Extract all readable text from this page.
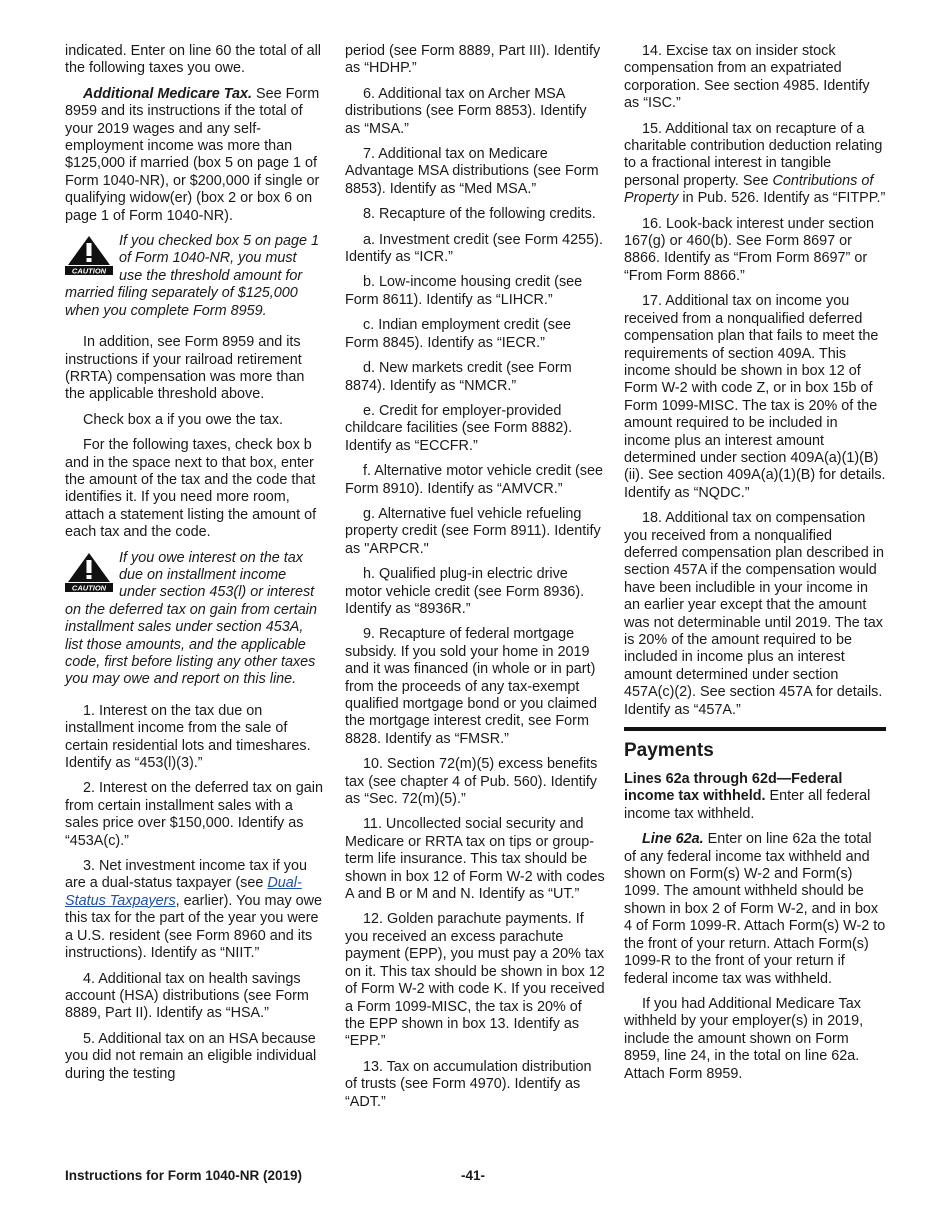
indicated. Enter on line 60 the total of all the following taxes you owe.

Additional Medicare Tax. See Form 8959 and its instructions if the total of your 2019 wages and any self-employment income was more than $125,000 if married (box 5 on page 1 of Form 1040-NR), or $200,000 if single or qualifying widow(er) (box 2 or box 6 on page 1 of Form 1040-NR).

CAUTION
If you checked box 5 on page 1 of Form 1040-NR, you must use the threshold amount for married filing separately of $125,000 when you complete Form 8959.

In addition, see Form 8959 and its instructions if your railroad retirement (RRTA) compensation was more than the applicable threshold above.

Check box a if you owe the tax.

For the following taxes, check box b and in the space next to that box, enter the amount of the tax and the code that identifies it. If you need more room, attach a statement listing the amount of each tax and the code.

CAUTION
If you owe interest on the tax due on installment income under section 453(l) or interest on the deferred tax on gain from certain installment sales under section 453A, list those amounts, and the applicable code, first before listing any other taxes you may owe and report on this line.

1. Interest on the tax due on installment income from the sale of certain residential lots and timeshares. Identify as “453(l)(3).”

2. Interest on the deferred tax on gain from certain installment sales with a sales price over $150,000. Identify as “453A(c).”

3. Net investment income tax if you are a dual-status taxpayer (see Dual-Status Taxpayers, earlier). You may owe this tax for the part of the year you were a U.S. resident (see Form 8960 and its instructions). Identify as “NIIT.”

4. Additional tax on health savings account (HSA) distributions (see Form 8889, Part II). Identify as “HSA.”

5. Additional tax on an HSA because you did not remain an eligible individual during the testing

period (see Form 8889, Part III). Identify as “HDHP.”

6. Additional tax on Archer MSA distributions (see Form 8853). Identify as “MSA.”

7. Additional tax on Medicare Advantage MSA distributions (see Form 8853). Identify as “Med MSA.”

8. Recapture of the following credits.

a. Investment credit (see Form 4255). Identify as “ICR.”

b. Low-income housing credit (see Form 8611). Identify as “LIHCR.”

c. Indian employment credit (see Form 8845). Identify as “IECR.”

d. New markets credit (see Form 8874). Identify as “NMCR.”

e. Credit for employer-provided childcare facilities (see Form 8882). Identify as “ECCFR.”

f. Alternative motor vehicle credit (see Form 8910). Identify as “AMVCR.”

g. Alternative fuel vehicle refueling property credit (see Form 8911). Identify as "ARPCR."

h. Qualified plug-in electric drive motor vehicle credit (see Form 8936). Identify as “8936R.”

9. Recapture of federal mortgage subsidy. If you sold your home in 2019 and it was financed (in whole or in part) from the proceeds of any tax-exempt qualified mortgage bond or you claimed the mortgage interest credit, see Form 8828. Identify as “FMSR.”

10. Section 72(m)(5) excess benefits tax (see chapter 4 of Pub. 560). Identify as “Sec. 72(m)(5).”

11. Uncollected social security and Medicare or RRTA tax on tips or group-term life insurance. This tax should be shown in box 12 of Form W-2 with codes A and B or M and N. Identify as “UT.”

12. Golden parachute payments. If you received an excess parachute payment (EPP), you must pay a 20% tax on it. This tax should be shown in box 12 of Form W-2 with code K. If you received a Form 1099-MISC, the tax is 20% of the EPP shown in box 13. Identify as “EPP.”

13. Tax on accumulation distribution of trusts (see Form 4970). Identify as “ADT.”

14. Excise tax on insider stock compensation from an expatriated corporation. See section 4985. Identify as “ISC.”

15. Additional tax on recapture of a charitable contribution deduction relating to a fractional interest in tangible personal property. See Contributions of Property in Pub. 526. Identify as “FITPP.”

16. Look-back interest under section 167(g) or 460(b). See Form 8697 or 8866. Identify as “From Form 8697” or “From Form 8866.”

17. Additional tax on income you received from a nonqualified deferred compensation plan that fails to meet the requirements of section 409A. This income should be shown in box 12 of Form W-2 with code Z, or in box 15b of Form 1099-MISC. The tax is 20% of the amount required to be included in income plus an interest amount determined under section 409A(a)(1)(B)(ii). See section 409A(a)(1)(B) for details. Identify as “NQDC.”

18. Additional tax on compensation you received from a nonqualified deferred compensation plan described in section 457A if the compensation would have been includible in your income in an earlier year except that the amount was not determinable until 2019. The tax is 20% of the amount required to be included in income plus an interest amount determined under section 457A(c)(2). See section 457A for details. Identify as “457A.”

Payments

Lines 62a through 62d—Federal income tax withheld. Enter all federal income tax withheld.

Line 62a. Enter on line 62a the total of any federal income tax withheld and shown on Form(s) W-2 and Form(s) 1099. The amount withheld should be shown in box 2 of Form W-2, and in box 4 of Form 1099-R. Attach Form(s) W-2 to the front of your return. Attach Form(s) 1099-R to the front of your return if federal income tax was withheld.

If you had Additional Medicare Tax withheld by your employer(s) in 2019, include the amount shown on Form 8959, line 24, in the total on line 62a. Attach Form 8959.

Instructions for Form 1040-NR (2019)	-41-
